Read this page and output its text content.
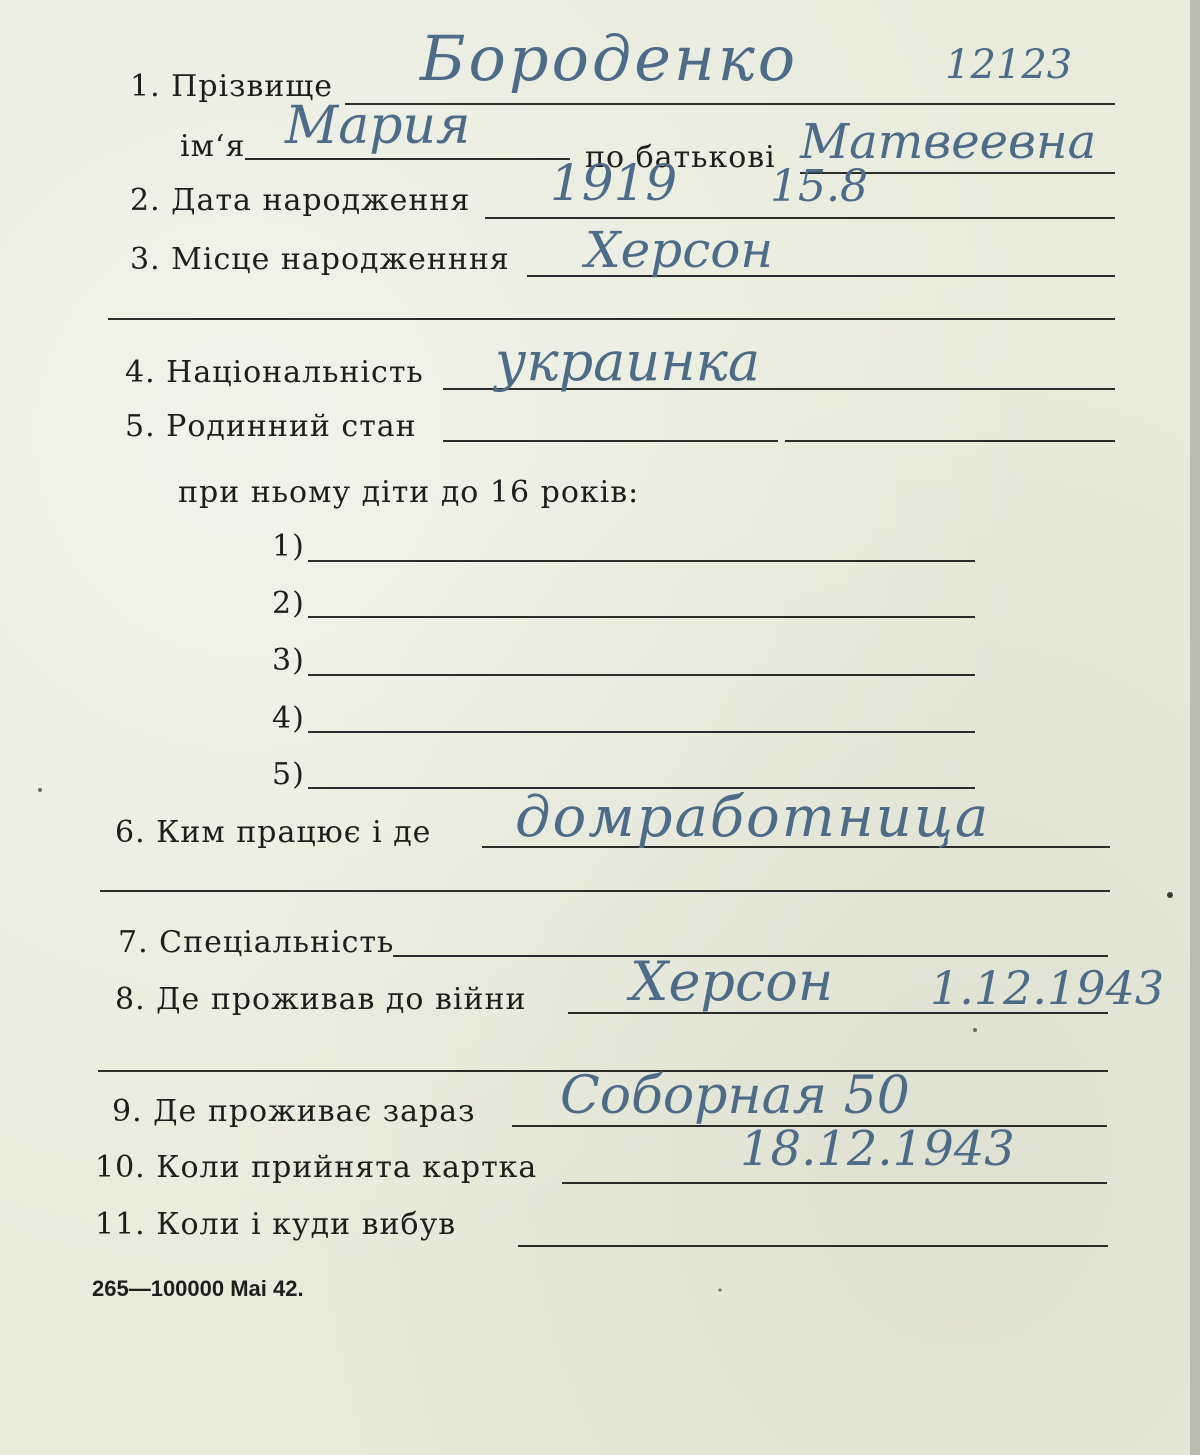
1. Прізвище Бороденко	12123
ім‘я Мария
по батькові Матвеевна
2. Дата народження 1919 15.8
3. Місце народженння Херсон
4. Національність украинка
5. Родинний стан
при ньому діти до 16 років:
1)
2)
3)
4)
5)
6. Ким працює і де домработница
7. Спеціальність
8. Де проживав до війни Херсон 1.12.1943
9. Де проживає зараз Соборная 50
10. Коли прийнята картка	18.12.1943
11. Коли і куди вибув
265—100000 Mai 42.
